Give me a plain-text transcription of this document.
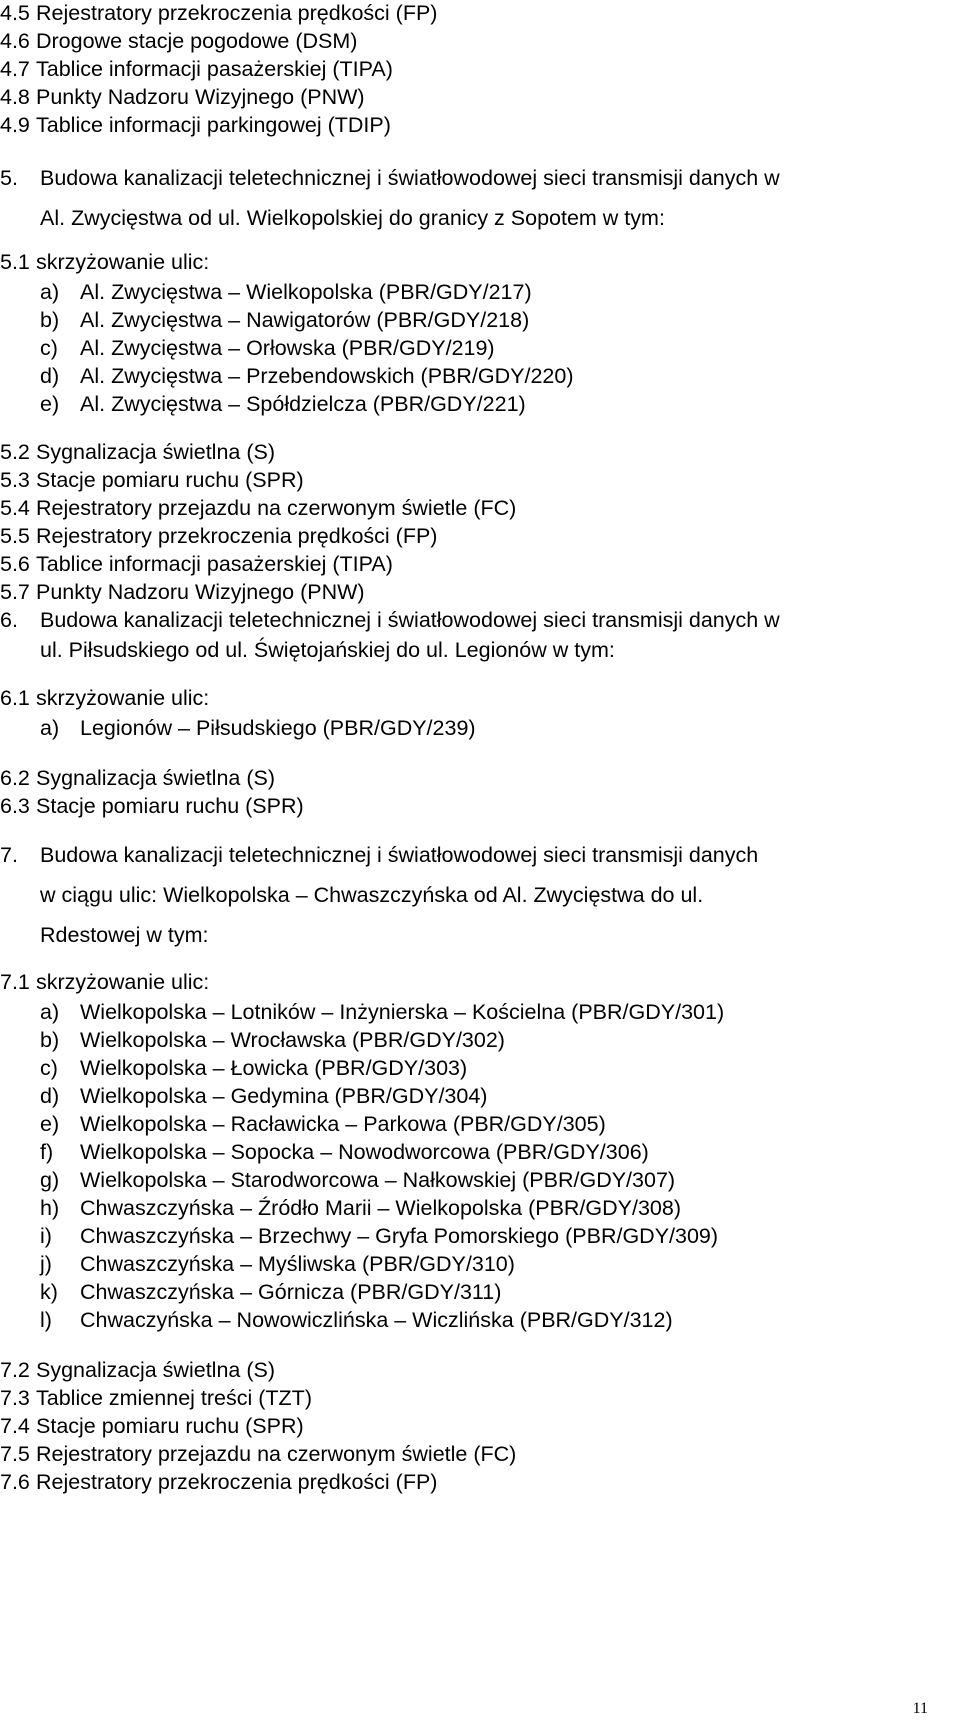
4.5 Rejestratory przekroczenia prędkości (FP)
4.6 Drogowe stacje pogodowe (DSM)
4.7 Tablice informacji pasażerskiej (TIPA)
4.8 Punkty Nadzoru Wizyjnego (PNW)
4.9 Tablice informacji parkingowej (TDIP)
5. Budowa kanalizacji teletechnicznej i światłowodowej sieci transmisji danych w
Al. Zwycięstwa od ul. Wielkopolskiej do granicy z Sopotem w tym:
5.1 skrzyżowanie ulic:
a) Al. Zwycięstwa – Wielkopolska (PBR/GDY/217)
b) Al. Zwycięstwa – Nawigatorów (PBR/GDY/218)
c) Al. Zwycięstwa – Orłowska (PBR/GDY/219)
d) Al. Zwycięstwa – Przebendowskich (PBR/GDY/220)
e) Al. Zwycięstwa – Spółdzielcza (PBR/GDY/221)
5.2 Sygnalizacja świetlna (S)
5.3 Stacje pomiaru ruchu (SPR)
5.4 Rejestratory przejazdu na czerwonym świetle (FC)
5.5 Rejestratory przekroczenia prędkości (FP)
5.6 Tablice informacji pasażerskiej (TIPA)
5.7 Punkty Nadzoru Wizyjnego (PNW)
6. Budowa kanalizacji teletechnicznej i światłowodowej sieci transmisji danych w
ul. Piłsudskiego od ul. Świętojańskiej do ul. Legionów w tym:
6.1 skrzyżowanie ulic:
a) Legionów – Piłsudskiego (PBR/GDY/239)
6.2 Sygnalizacja świetlna (S)
6.3 Stacje pomiaru ruchu (SPR)
7. Budowa kanalizacji teletechnicznej i światłowodowej sieci transmisji danych
w ciągu ulic: Wielkopolska – Chwaszczyńska od Al. Zwycięstwa do ul.
Rdestowej w tym:
7.1 skrzyżowanie ulic:
a) Wielkopolska – Lotników – Inżynierska – Kościelna (PBR/GDY/301)
b) Wielkopolska – Wrocławska (PBR/GDY/302)
c) Wielkopolska – Łowicka (PBR/GDY/303)
d) Wielkopolska – Gedymina (PBR/GDY/304)
e) Wielkopolska – Racławicka – Parkowa (PBR/GDY/305)
f) Wielkopolska – Sopocka – Nowodworcowa (PBR/GDY/306)
g) Wielkopolska – Starodworcowa – Nałkowskiej (PBR/GDY/307)
h) Chwaszczyńska – Źródło Marii – Wielkopolska (PBR/GDY/308)
i) Chwaszczyńska – Brzechwy – Gryfa Pomorskiego (PBR/GDY/309)
j) Chwaszczyńska – Myśliwska (PBR/GDY/310)
k) Chwaszczyńska – Górnicza (PBR/GDY/311)
l) Chwaczyńska – Nowowiczlińska – Wiczlińska (PBR/GDY/312)
7.2 Sygnalizacja świetlna (S)
7.3 Tablice zmiennej treści (TZT)
7.4 Stacje pomiaru ruchu (SPR)
7.5 Rejestratory przejazdu na czerwonym świetle (FC)
7.6 Rejestratory przekroczenia prędkości (FP)
11
